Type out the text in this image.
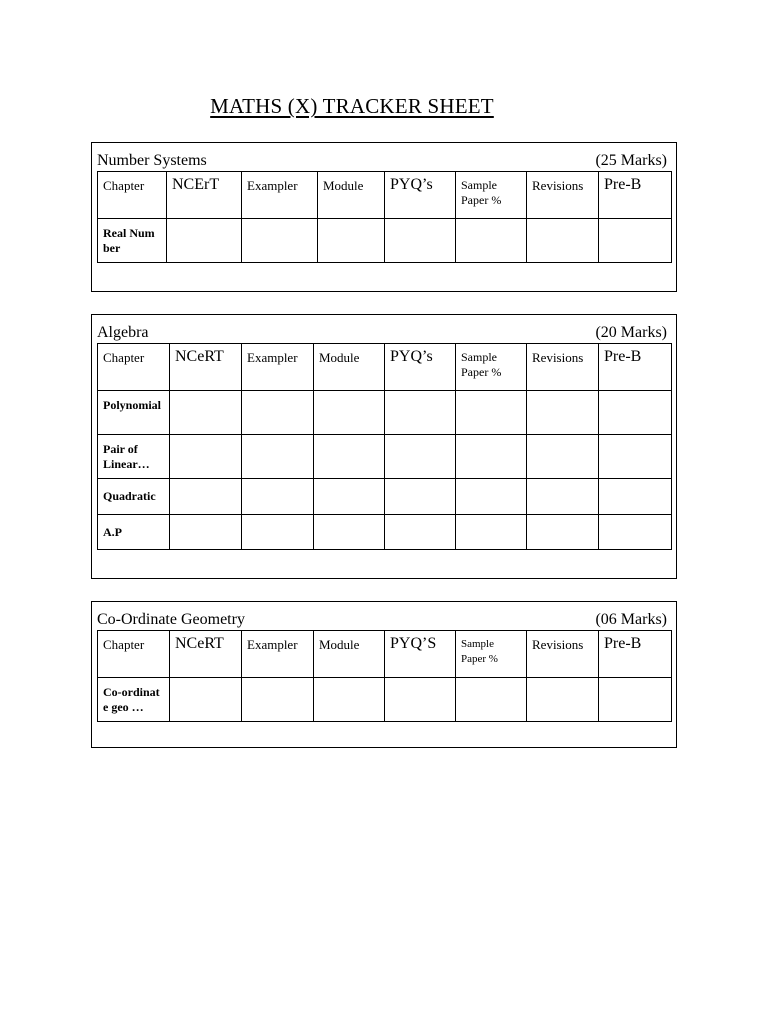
MATHS (X) TRACKER SHEET
Number Systems	(25 Marks)
Chapter	NCErT	Exampler	Module	PYQ’s	Sample Paper %	Revisions	Pre-B
Real Number							
Algebra	(20 Marks)
Chapter	NCeRT	Exampler	Module	PYQ’s	Sample Paper %	Revisions	Pre-B
Polynomial							
Pair of Linear…							
Quadratic							
A.P							
Co-Ordinate Geometry	(06 Marks)
Chapter	NCeRT	Exampler	Module	PYQ’S	Sample Paper %	Revisions	Pre-B
Co-ordinate geo …							
